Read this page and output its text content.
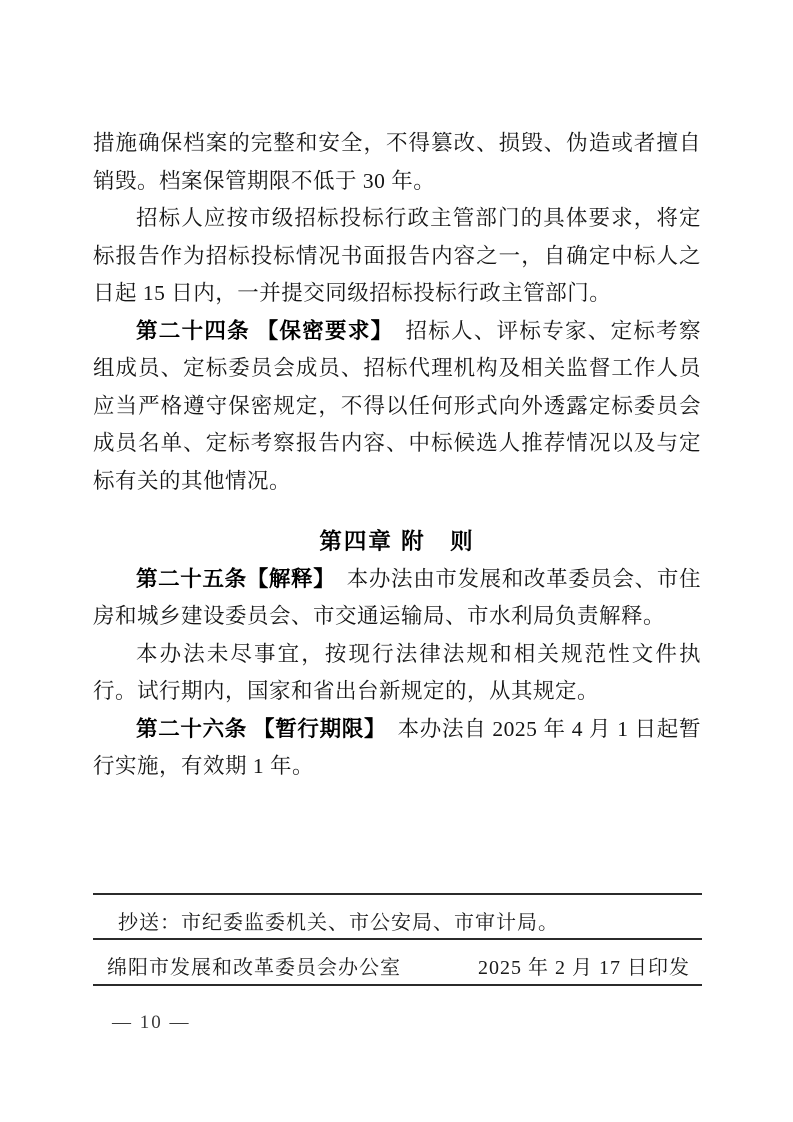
措施确保档案的完整和安全，不得篡改、损毁、伪造或者擅自销毁。档案保管期限不低于 30 年。

招标人应按市级招标投标行政主管部门的具体要求，将定标报告作为招标投标情况书面报告内容之一，自确定中标人之日起 15 日内，一并提交同级招标投标行政主管部门。

第二十四条 【保密要求】　招标人、评标专家、定标考察组成员、定标委员会成员、招标代理机构及相关监督工作人员应当严格遵守保密规定，不得以任何形式向外透露定标委员会成员名单、定标考察报告内容、中标候选人推荐情况以及与定标有关的其他情况。

第四章 附　则

第二十五条【解释】　本办法由市发展和改革委员会、市住房和城乡建设委员会、市交通运输局、市水利局负责解释。

本办法未尽事宜，按现行法律法规和相关规范性文件执行。试行期内，国家和省出台新规定的，从其规定。

第二十六条 【暂行期限】　本办法自 2025 年 4 月 1 日起暂行实施，有效期 1 年。

抄送：市纪委监委机关、市公安局、市审计局。
绵阳市发展和改革委员会办公室	2025 年 2 月 17 日印发
— 10 —
